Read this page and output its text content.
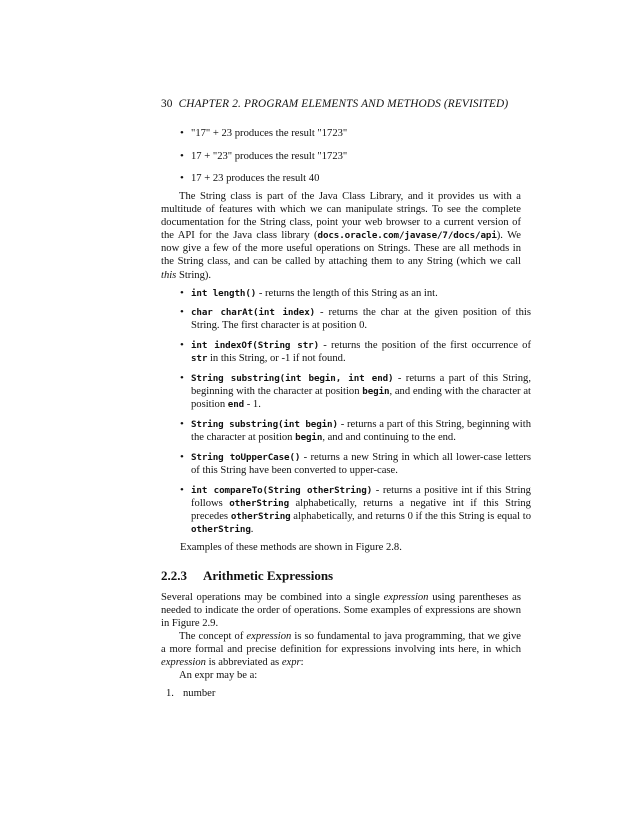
30 CHAPTER 2. PROGRAM ELEMENTS AND METHODS (REVISITED)
• "17" + 23 produces the result "1723"
• 17 + "23" produces the result "1723"
• 17 + 23 produces the result 40
The String class is part of the Java Class Library, and it provides us with a multitude of features with which we can manipulate strings. To see the complete documentation for the String class, point your web browser to a current version of the API for the Java class library (docs.oracle.com/javase/7/docs/api). We now give a few of the more useful operations on Strings. These are all methods in the String class, and can be called by attaching them to any String (which we call this String).
• int length() - returns the length of this String as an int.
• char charAt(int index) - returns the char at the given position of this String. The first character is at position 0.
• int indexOf(String str) - returns the position of the first occurrence of str in this String, or -1 if not found.
• String substring(int begin, int end) - returns a part of this String, beginning with the character at position begin, and ending with the character at position end - 1.
• String substring(int begin) - returns a part of this String, beginning with the character at position begin, and and continuing to the end.
• String toUpperCase() - returns a new String in which all lower-case letters of this String have been converted to upper-case.
• int compareTo(String otherString) - returns a positive int if this String follows otherString alphabetically, returns a negative int if this String precedes otherString alphabetically, and returns 0 if the this String is equal to otherString.
Examples of these methods are shown in Figure 2.8.
2.2.3 Arithmetic Expressions
Several operations may be combined into a single expression using parentheses as needed to indicate the order of operations. Some examples of expressions are shown in Figure 2.9.
The concept of expression is so fundamental to java programming, that we give a more formal and precise definition for expressions involving ints here, in which expression is abbreviated as expr:
An expr may be a:
1. number
